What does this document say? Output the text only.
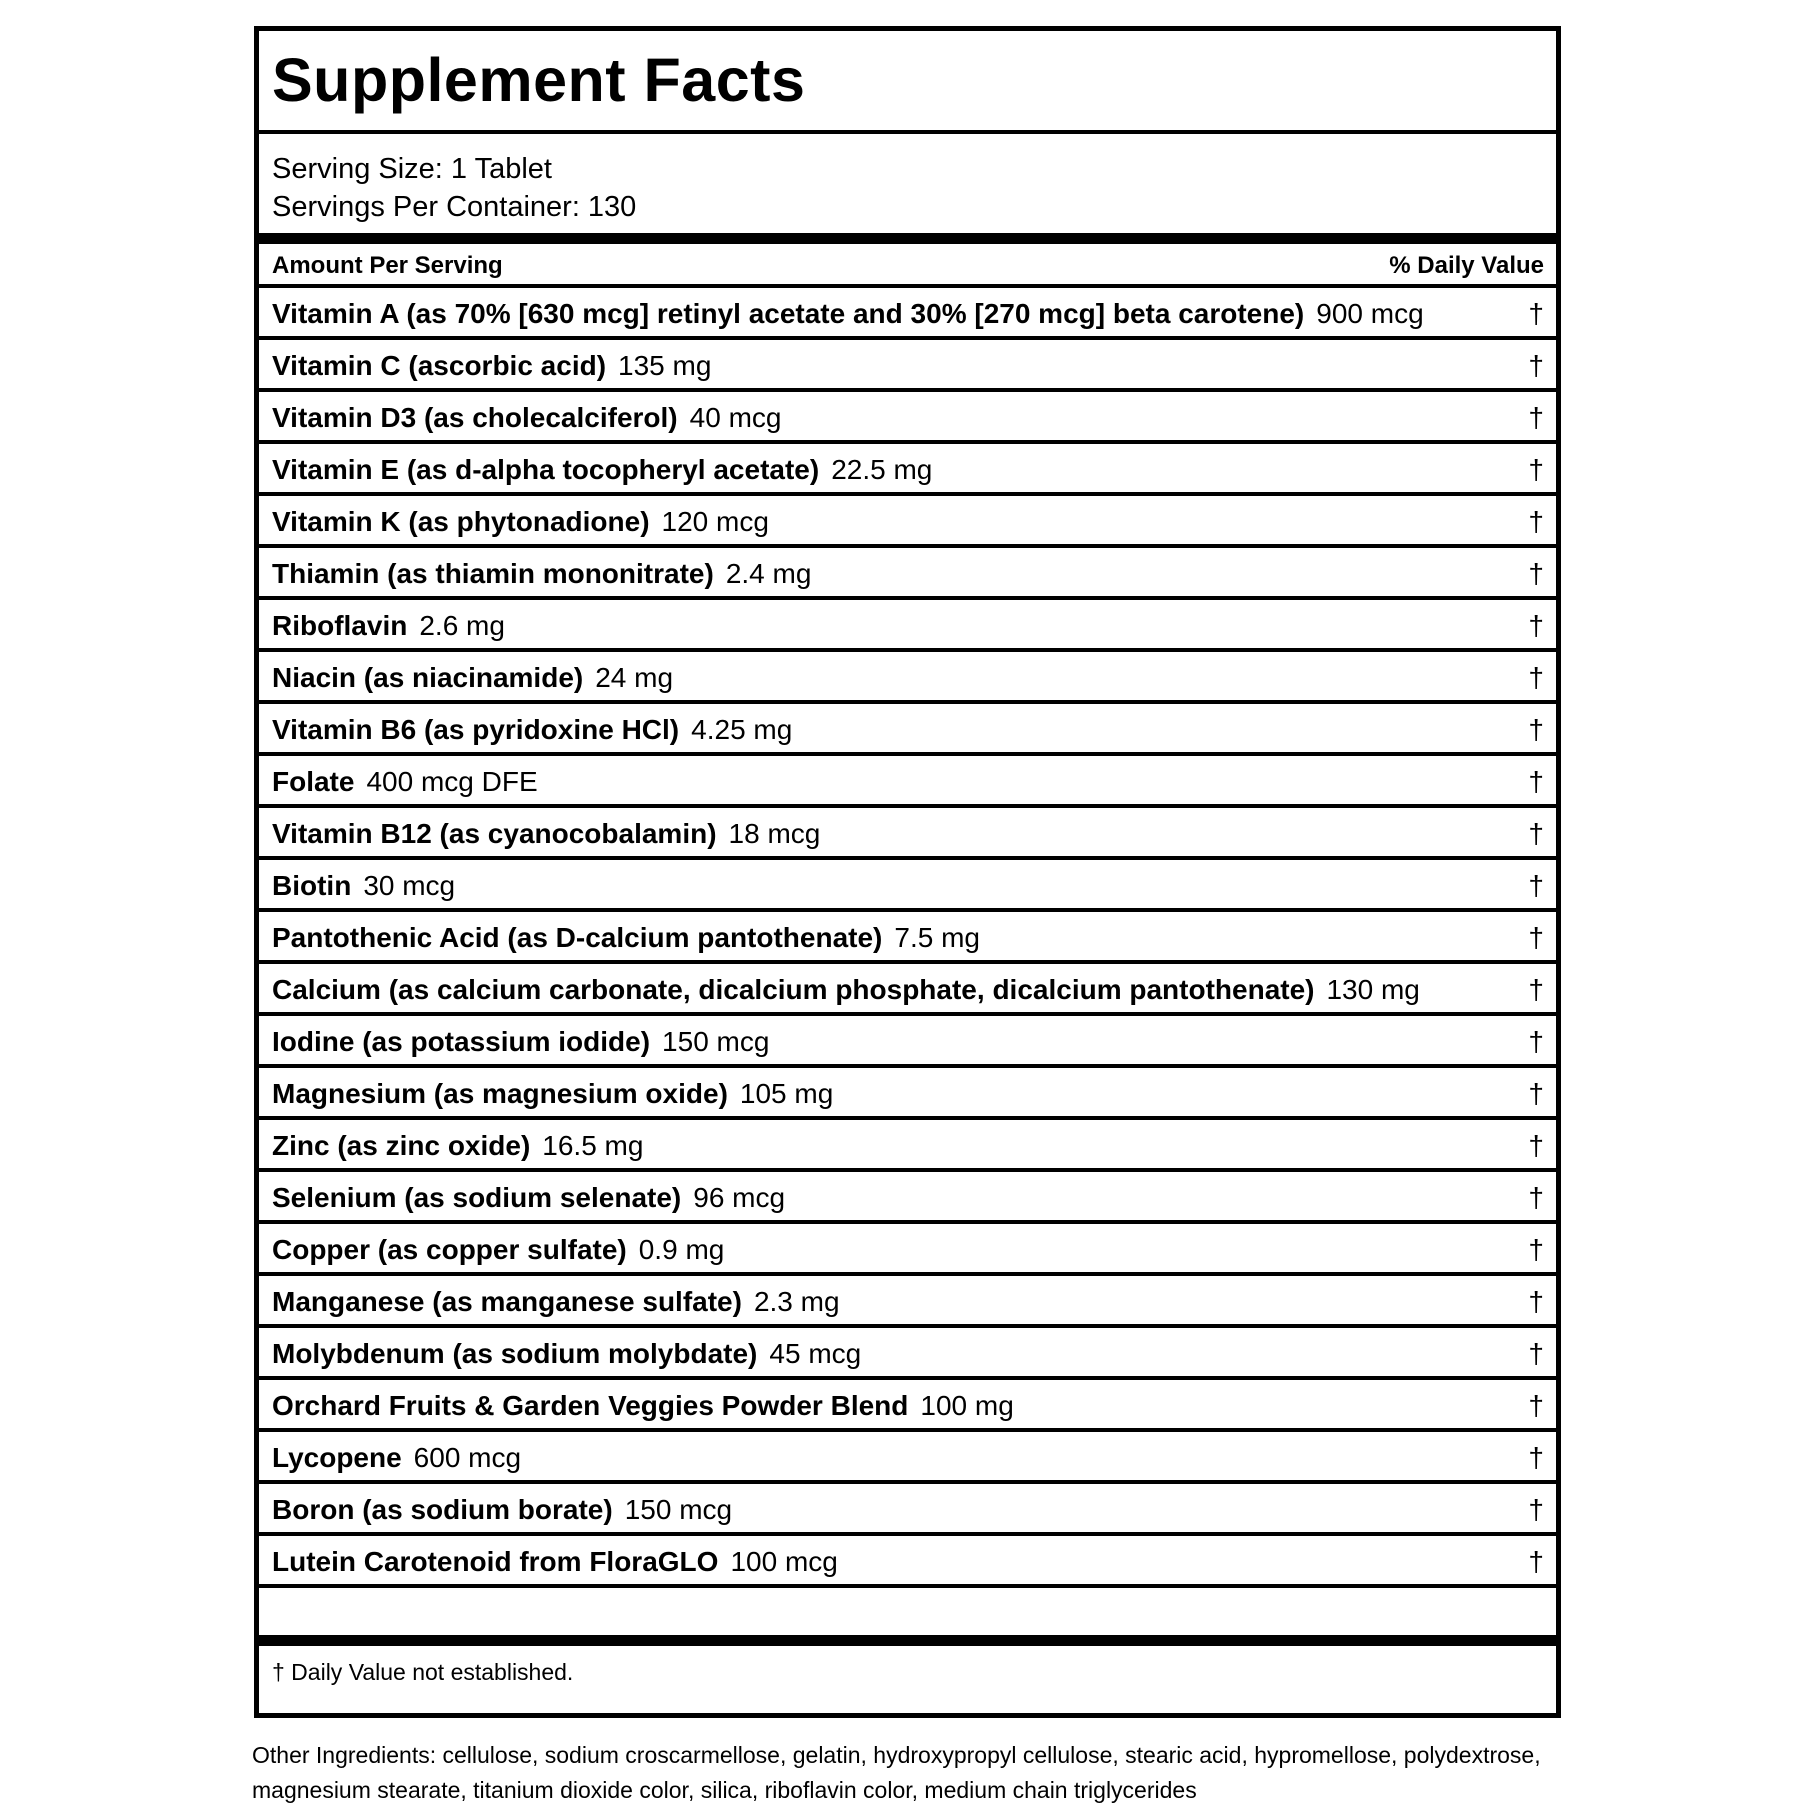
Supplement Facts
Serving Size: 1 Tablet
Servings Per Container: 130
Amount Per Serving	% Daily Value
Vitamin A (as 70% [630 mcg] retinyl acetate and 30% [270 mcg] beta carotene) 900 mcg	†
Vitamin C (ascorbic acid) 135 mg	†
Vitamin D3 (as cholecalciferol) 40 mcg	†
Vitamin E (as d-alpha tocopheryl acetate) 22.5 mg	†
Vitamin K (as phytonadione) 120 mcg	†
Thiamin (as thiamin mononitrate) 2.4 mg	†
Riboflavin 2.6 mg	†
Niacin (as niacinamide) 24 mg	†
Vitamin B6 (as pyridoxine HCl) 4.25 mg	†
Folate 400 mcg DFE	†
Vitamin B12 (as cyanocobalamin) 18 mcg	†
Biotin 30 mcg	†
Pantothenic Acid (as D-calcium pantothenate) 7.5 mg	†
Calcium (as calcium carbonate, dicalcium phosphate, dicalcium pantothenate) 130 mg	†
Iodine (as potassium iodide) 150 mcg	†
Magnesium (as magnesium oxide) 105 mg	†
Zinc (as zinc oxide) 16.5 mg	†
Selenium (as sodium selenate) 96 mcg	†
Copper (as copper sulfate) 0.9 mg	†
Manganese (as manganese sulfate) 2.3 mg	†
Molybdenum (as sodium molybdate) 45 mcg	†
Orchard Fruits & Garden Veggies Powder Blend 100 mg	†
Lycopene 600 mcg	†
Boron (as sodium borate) 150 mcg	†
Lutein Carotenoid from FloraGLO 100 mcg	†
† Daily Value not established.
Other Ingredients: cellulose, sodium croscarmellose, gelatin, hydroxypropyl cellulose, stearic acid, hypromellose, polydextrose, magnesium stearate, titanium dioxide color, silica, riboflavin color, medium chain triglycerides
